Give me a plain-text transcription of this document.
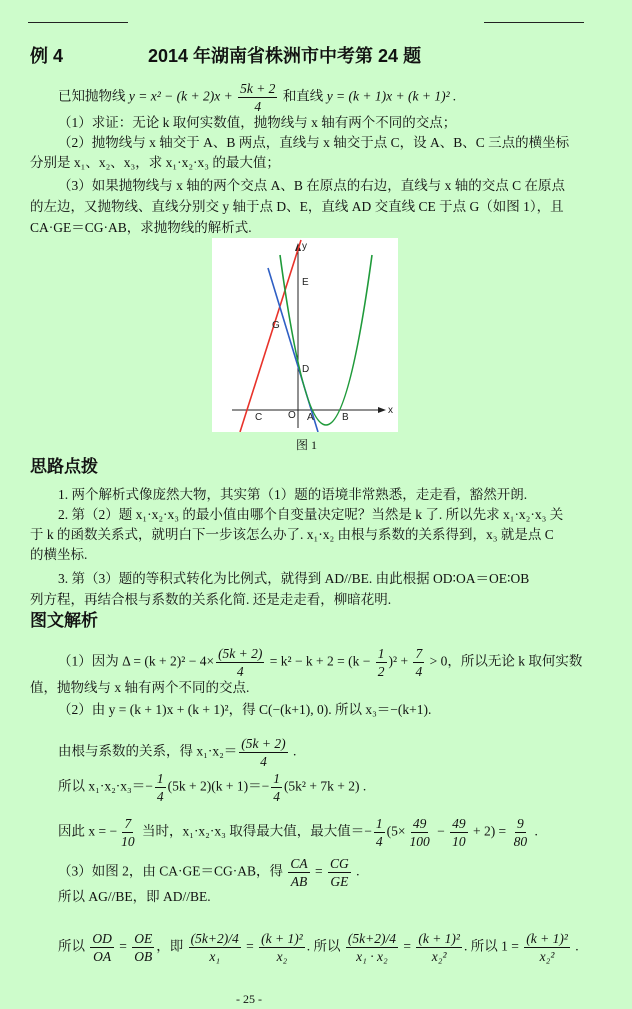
例 4	2014 年湖南省株洲市中考第 24 题
已知抛物线 $y = x^2 - (k + 2)x + \frac{5k + 2}{4}$ 和直线 y = (k + 1)x + (k + 1)² .
（1）求证：无论 k 取何实数值，抛物线与 x 轴有两个不同的交点；
（2）抛物线与 x 轴交于 A、B 两点，直线与 x 轴交于点 C，设 A、B、C 三点的横坐标
分别是 x₁、x₂、x₃，求 x₁·x₂·x₃ 的最大值；
（3）如果抛物线与 x 轴的两个交点 A、B 在原点的右边，直线与 x 轴的交点 C 在原点
的左边，又抛物线、直线分别交 y 轴于点 D、E，直线 AD 交直线 CE 于点 G（如图 1），且
CA·GE＝CG·AB，求抛物线的解析式.
y
x
E
G
D
C	O A	B
图 1
思路点拨
1. 两个解析式像庞然大物，其实第（1）题的语境非常熟悉，走走看，豁然开朗.
2. 第（2）题 x₁·x₂·x₃ 的最小值由哪个自变量决定呢？当然是 k 了. 所以先求 x₁·x₂·x₃ 关
于 k 的函数关系式，就明白下一步该怎么办了. x₁·x₂ 由根与系数的关系得到，x₃ 就是点 C
的横坐标.
3. 第（3）题的等积式转化为比例式，就得到 AD//BE. 由此根据 OD∶OA＝OE∶OB
列方程，再结合根与系数的关系化简. 还是走走看，柳暗花明.
图文解析
（1）因为 $\Delta = (k + 2)^2 - 4\times \frac{(5k + 2)}{4} = k^2 - k + 2 = (k - \frac{1}{2} )^2 + \frac{7}{4} > 0$，所以无论 k 取何实数
值，抛物线与 x 轴有两个不同的交点.
（2）由 y = (k + 1)x + (k + 1)²，得 C(−(k+1), 0). 所以 x₃＝−(k+1).
由根与系数的关系，得 $x_1\cdot x_2= \frac{(5k + 2)}{4}$ .
所以 $x_1\cdot x_2\cdot x_3=- \frac{1}{4} (5k + 2)(k + 1)=- \frac{1}{4} (5k^2 + 7k + 2)$ .
因此 x = − $\frac{7}{10}$ 当时，x₁·x₂·x₃ 取得最大值，最大值＝− $\frac{1}{4} (5\times \frac{49}{100} - \frac{49}{10} + 2) = \frac{9}{80}$ .
（3）如图 2，由 CA·GE＝CG·AB，得 $\frac{CA}{AB} = \frac{CG}{GE}$ .
所以 AG//BE，即 AD//BE.
所以 $\frac{OD}{OA} = \frac{OE}{OB}$ ，即 $\frac{(5k+2)/4}{\text{x₁}} = \frac{\text{(k + 1)²}}{\text{x₂}}$ . 所以 $\frac{(5k+2)/4}{\text{x₁ · x₂}} = \frac{\text{(k + 1)²}}{\text{x₂²}}$ . 所以 $1 = \frac{\text{(k + 1)²}}{\text{x₂²}}$ .
- 25 -
